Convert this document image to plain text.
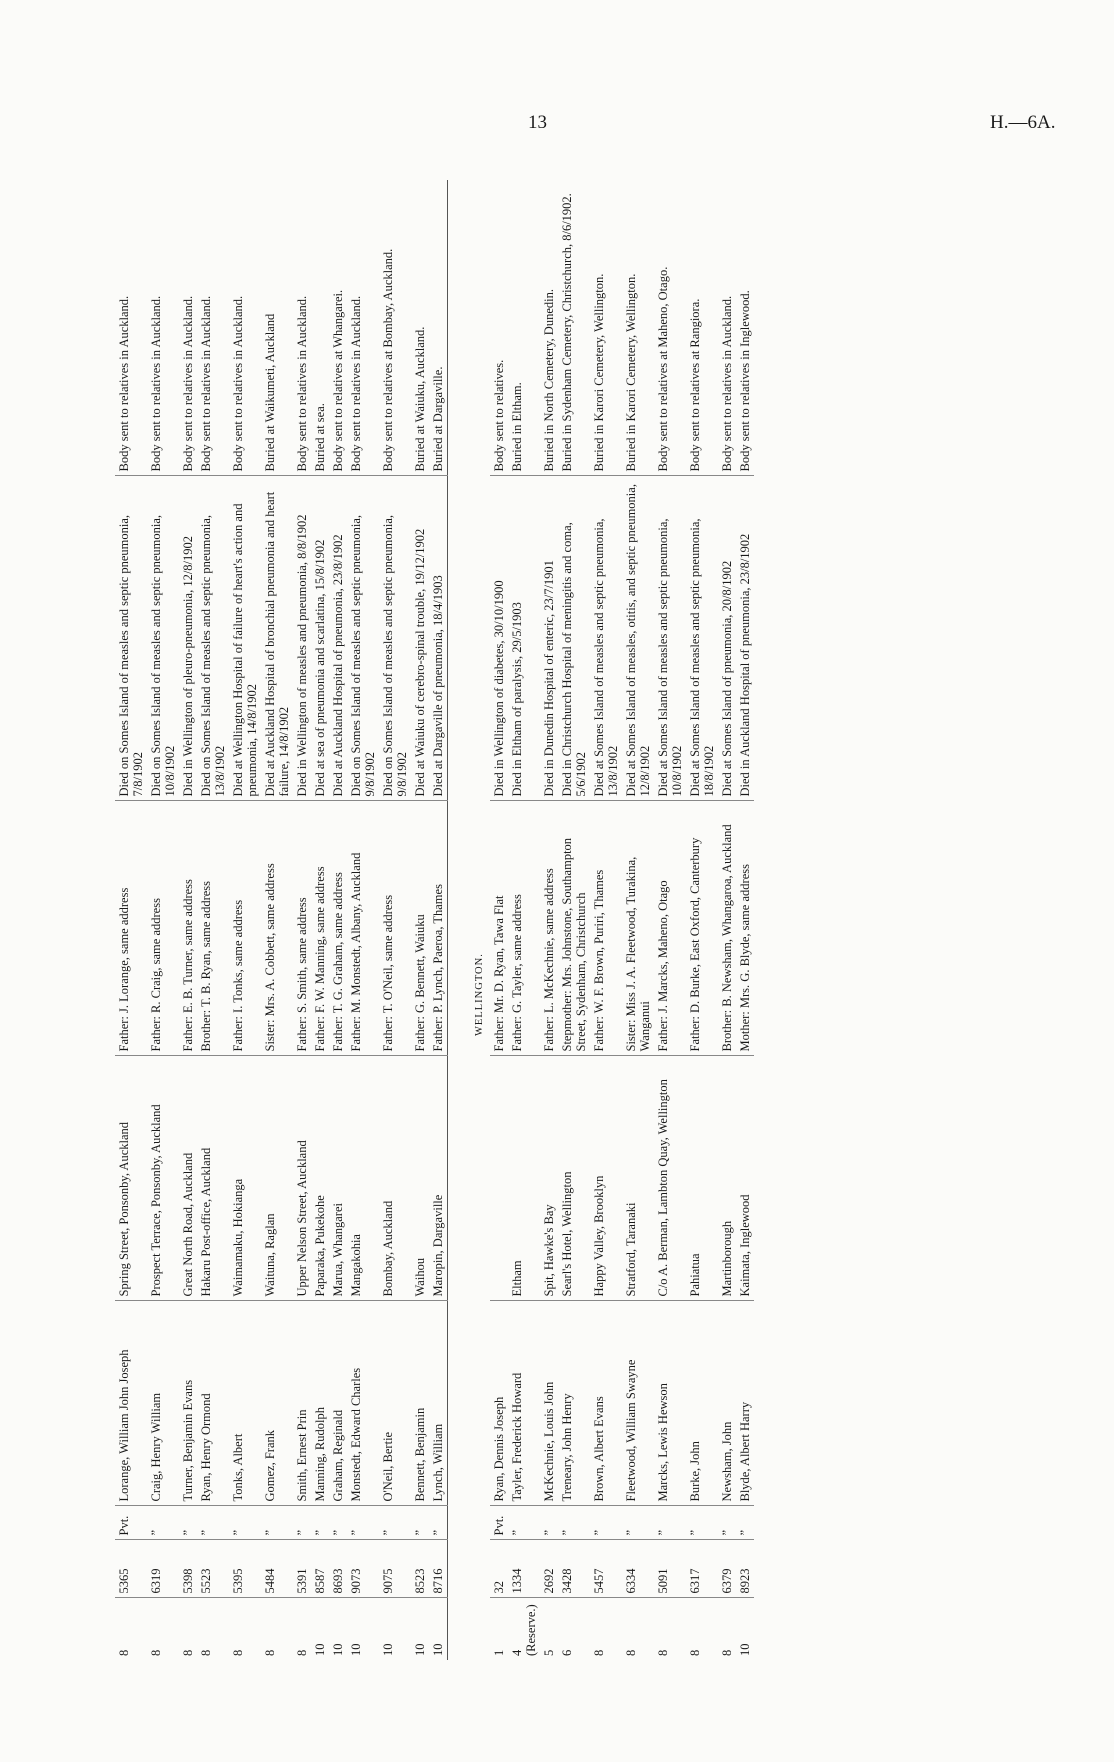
13	H.—6A.
8	5365	Pvt.	Lorange, William John Joseph	Spring Street, Ponsonby, Auckland	Father: J. Lorange, same address	Died on Somes Island of measles and septic pneumonia, 7/8/1902	Body sent to relatives in Auckland.
8	6319	”	Craig, Henry William	Prospect Terrace, Ponsonby, Auckland	Father: R. Craig, same address	Died on Somes Island of measles and septic pneumonia, 10/8/1902	Body sent to relatives in Auckland.
8	5398	”	Turner, Benjamin Evans	Great North Road, Auckland	Father: E. B. Turner, same address	Died in Wellington of pleuro-pneumonia, 12/8/1902	Body sent to relatives in Auckland.
8	5523	”	Ryan, Henry Ormond	Hakaru Post-office, Auckland	Brother: T. B. Ryan, same address	Died on Somes Island of measles and septic pneumonia, 13/8/1902	Body sent to relatives in Auckland.
8	5395	”	Tonks, Albert	Waimamaku, Hokianga	Father: I. Tonks, same address	Died at Wellington Hospital of failure of heart's action and pneumonia, 14/8/1902	Body sent to relatives in Auckland.
8	5484	”	Gomez, Frank	Waituna, Raglan	Sister: Mrs. A. Cobbett, same address	Died at Auckland Hospital of bronchial pneumonia and heart failure, 14/8/1902	Buried at Waikumeti, Auckland
8	5391	”	Smith, Ernest Prin	Upper Nelson Street, Auckland	Father: S. Smith, same address	Died in Wellington of measles and pneumonia, 8/8/1902	Body sent to relatives in Auckland.
10	8587	”	Manning, Rudolph	Paparaka, Pukekohe	Father: F. W. Manning, same address	Died at sea of pneumonia and scarlatina, 15/8/1902	Buried at sea.
10	8693	”	Graham, Reginald	Marua, Whangarei	Father: T. G. Graham, same address	Died at Auckland Hospital of pneumonia, 23/8/1902	Body sent to relatives at Whangarei.
10	9073	”	Monstedt, Edward Charles	Mangakohia	Father: M. Monstedt, Albany, Auckland	Died on Somes Island of measles and septic pneumonia, 9/8/1902	Body sent to relatives in Auckland.
10	9075	”	O'Neil, Bertie	Bombay, Auckland	Father: T. O'Neil, same address	Died on Somes Island of measles and septic pneumonia, 9/8/1902	Body sent to relatives at Bombay, Auckland.
10	8523	”	Bennett, Benjamin	Waihou	Father: G. Bennett, Waiuku	Died at Waiuku of cerebro-spinal trouble, 19/12/1902	Buried at Waiuku, Auckland.
10	8716	”	Lynch, William	Maropin, Dargaville	Father: P. Lynch, Paeroa, Thames	Died at Dargaville of pneumonia, 18/4/1903	Buried at Dargaville.

					WELLINGTON.		
1	32	Pvt.	Ryan, Dennis Joseph		Father: Mr. D. Ryan, Tawa Flat	Died in Wellington of diabetes, 30/10/1900	Body sent to relatives.
4 (Reserve.)	1334	”	Tayler, Frederick Howard	Eltham	Father: G. Tayler, same address	Died in Eltham of paralysis, 29/5/1903	Buried in Eltham.
5	2692	”	McKechnie, Louis John	Spit, Hawke's Bay	Father: L. McKechnie, same address	Died in Dunedin Hospital of enteric, 23/7/1901	Buried in North Cemetery, Dunedin.
6	3428	”	Treneary, John Henry	Searl's Hotel, Wellington	Stepmother: Mrs. Johnstone, Southampton Street, Sydenham, Christchurch	Died in Christchurch Hospital of meningitis and coma, 5/6/1902	Buried in Sydenham Cemetery, Christchurch, 8/6/1902.
8	5457	”	Brown, Albert Evans	Happy Valley, Brooklyn	Father: W. F. Brown, Puriri, Thames	Died at Somes Island of measles and septic pneumonia, 13/8/1902	Buried in Karori Cemetery, Wellington.
8	6334	”	Fleetwood, William Swayne	Stratford, Taranaki	Sister: Miss J. A. Fleetwood, Turakina, Wanganui	Died at Somes Island of measles, otitis, and septic pneumonia, 12/8/1902	Buried in Karori Cemetery, Wellington.
8	5091	”	Marcks, Lewis Hewson	C/o A. Berman, Lambton Quay, Wellington	Father: J. Marcks, Maheno, Otago	Died at Somes Island of measles and septic pneumonia, 10/8/1902	Body sent to relatives at Maheno, Otago.
8	6317	”	Burke, John	Pahiatua	Father: D. Burke, East Oxford, Canterbury	Died at Somes Island of measles and septic pneumonia, 18/8/1902	Body sent to relatives at Rangiora.
8	6379	”	Newsham, John	Martinborough	Brother: B. Newsham, Whangaroa, Auckland	Died at Somes Island of pneumonia, 20/8/1902	Body sent to relatives in Auckland.
10	8923	”	Blyde, Albert Harry	Kaimata, Inglewood	Mother: Mrs. G. Blyde, same address	Died in Auckland Hospital of pneumonia, 23/8/1902	Body sent to relatives in Inglewood.
